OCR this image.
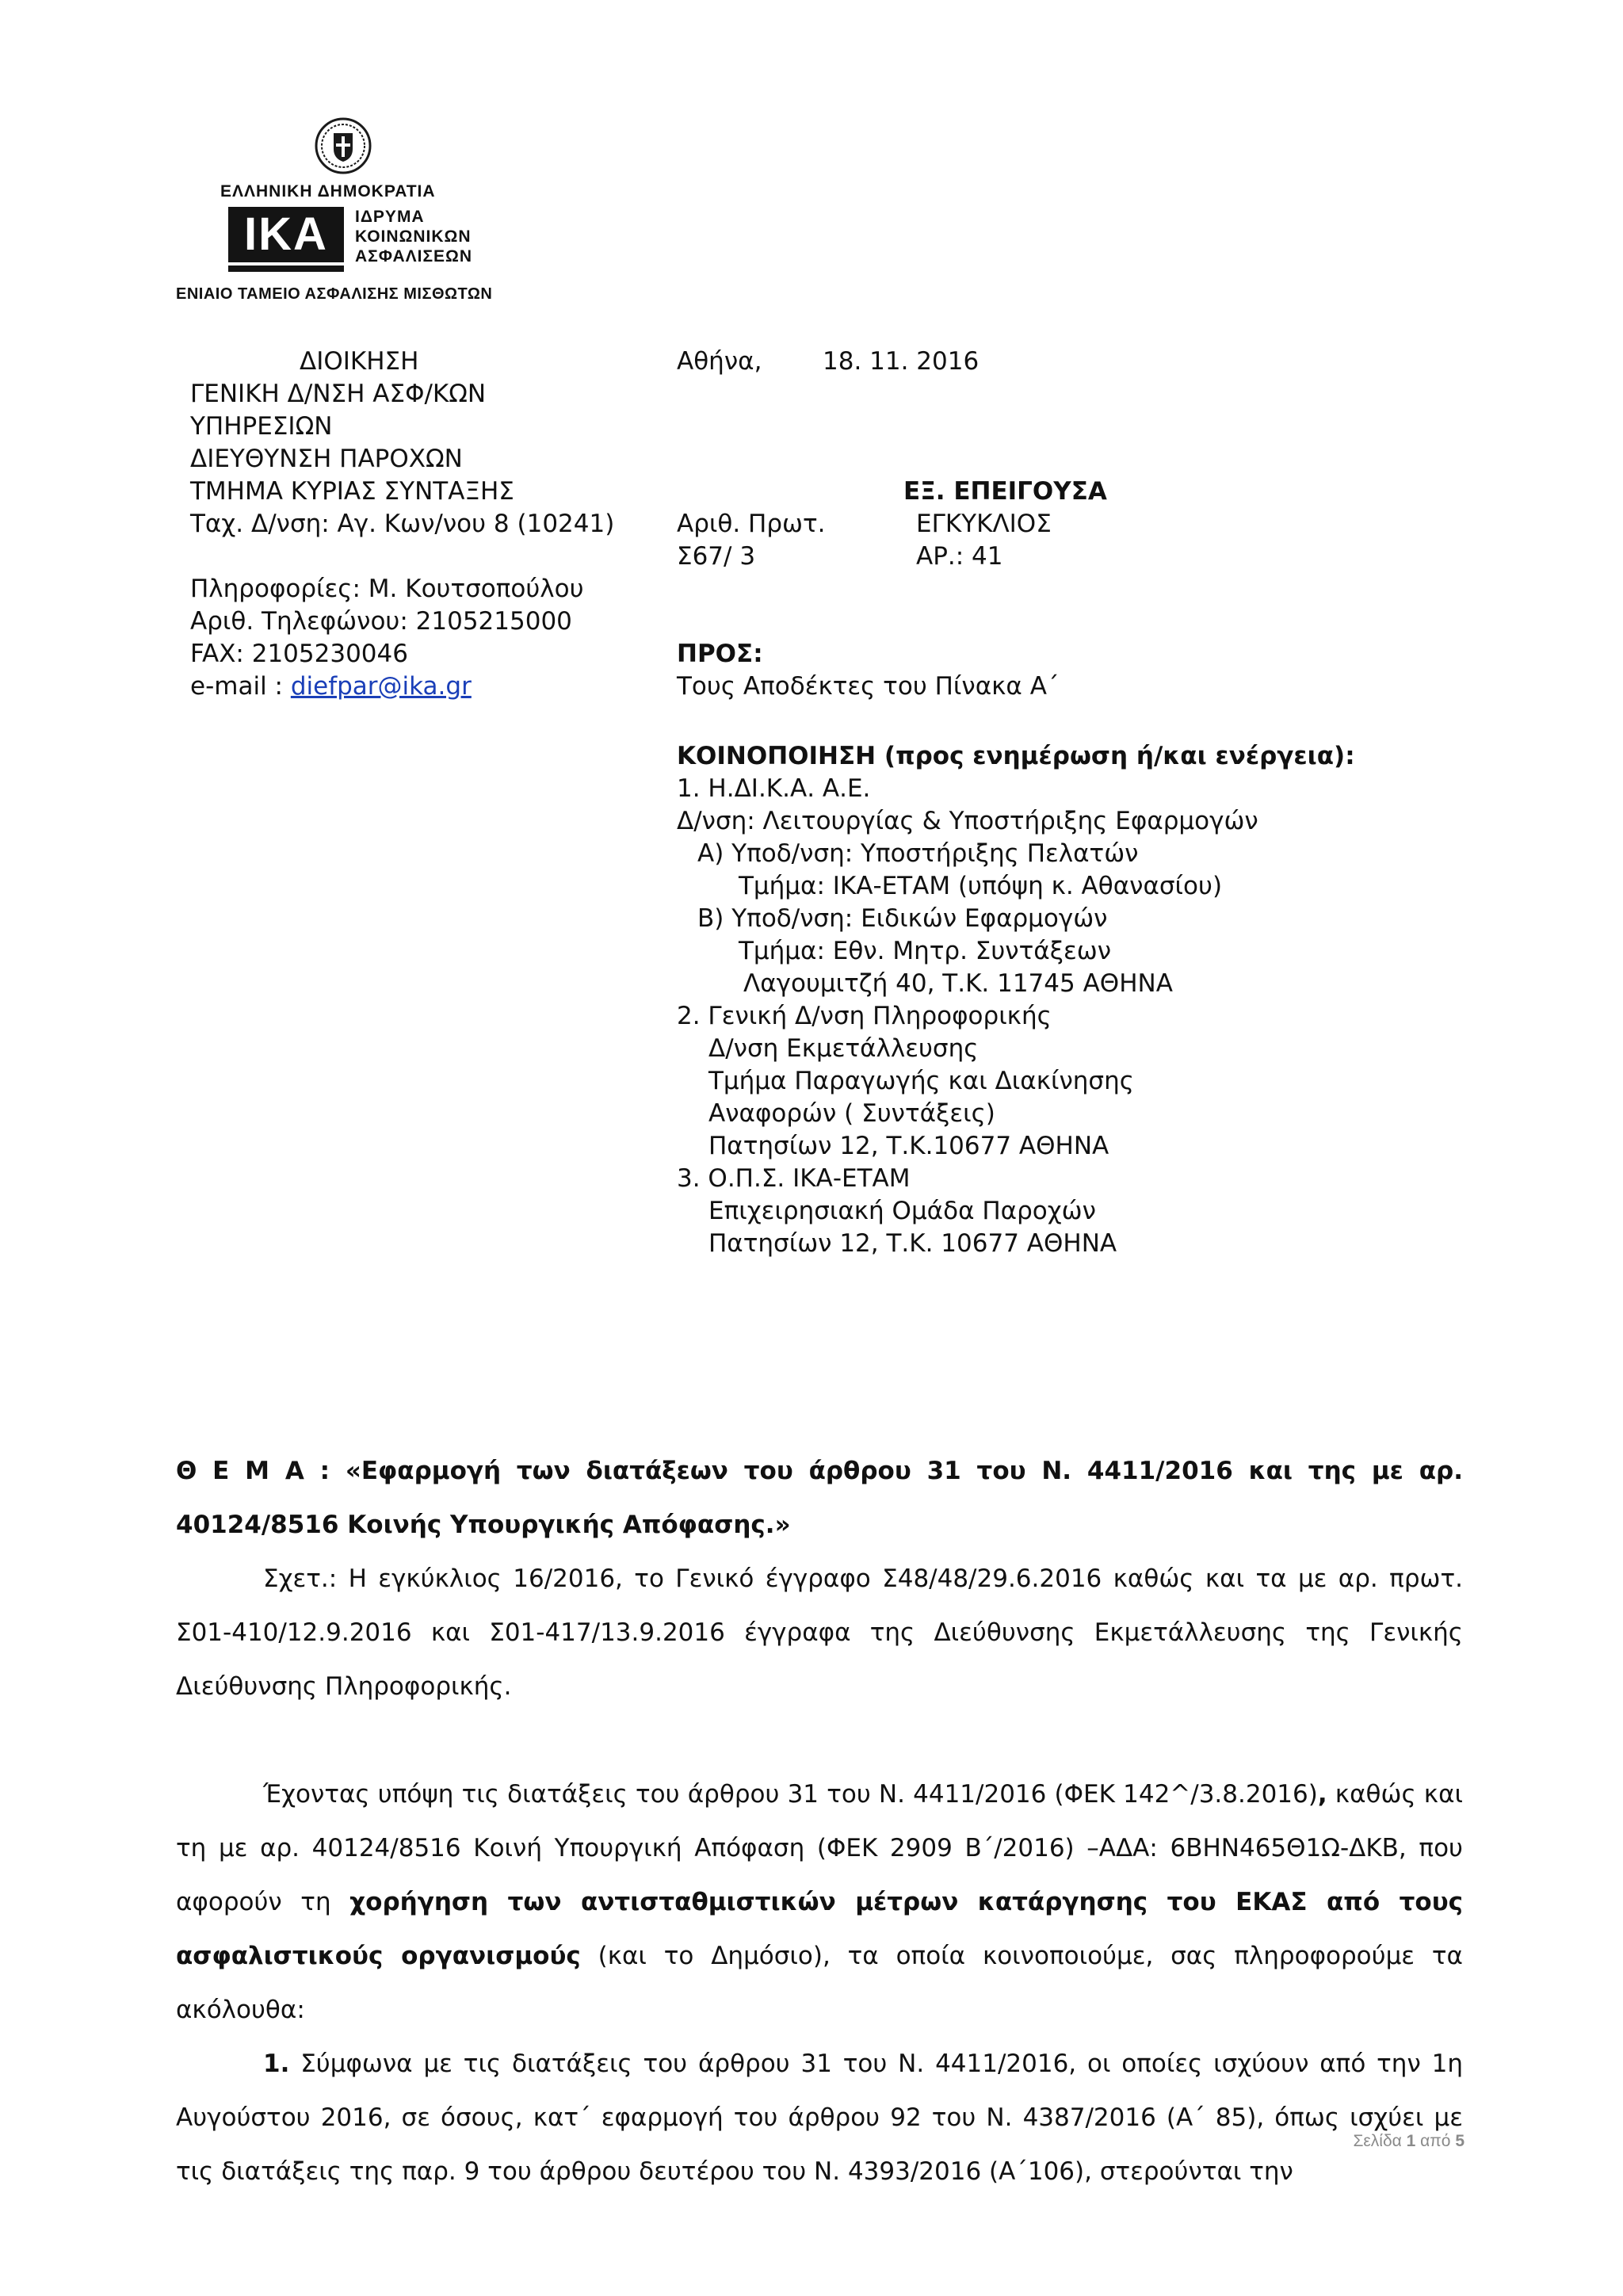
ΕΛΛΗΝΙΚΗ ΔΗΜΟΚΡΑΤΙΑ
IKA	ΙΔΡΥΜΑ
ΚΟΙΝΩΝΙΚΩΝ
ΑΣΦΑΛΙΣΕΩΝ
ΕΝΙΑΙΟ ΤΑΜΕΙΟ ΑΣΦΑΛΙΣΗΣ ΜΙΣΘΩΤΩΝ
ΔΙΟΙΚΗΣΗ
ΓΕΝΙΚΗ Δ/ΝΣΗ ΑΣΦ/ΚΩΝ
ΥΠΗΡΕΣΙΩΝ
ΔΙΕΥΘΥΝΣΗ ΠΑΡΟΧΩΝ
ΤΜΗΜΑ ΚΥΡΙΑΣ ΣΥΝΤΑΞΗΣ
Ταχ. Δ/νση: Αγ. Κων/νου 8 (10241)
Πληροφορίες: Μ. Κουτσοπούλου
Αριθ. Τηλεφώνου: 2105215000
FAX: 2105230046
e-mail : diefpar@ika.gr
Αθήνα, 18. 11. 2016
ΕΞ. ΕΠΕΙΓΟΥΣΑ
Αριθ. Πρωτ.	ΕΓΚΥΚΛΙΟΣ
Σ67/ 3	ΑΡ.: 41
ΠΡΟΣ:
Τους Αποδέκτες του Πίνακα Α΄
ΚΟΙΝΟΠΟΙΗΣΗ (προς ενημέρωση ή/και ενέργεια):
1. Η.ΔΙ.Κ.Α. Α.Ε.
Δ/νση: Λειτουργίας & Υποστήριξης Εφαρμογών
Α) Υποδ/νση: Υποστήριξης Πελατών
Τμήμα: ΙΚΑ-ΕΤΑΜ (υπόψη κ. Αθανασίου)
Β) Υποδ/νση: Ειδικών Εφαρμογών
Τμήμα: Εθν. Μητρ. Συντάξεων
Λαγουμιτζή 40, Τ.Κ. 11745 ΑΘΗΝΑ
2. Γενική Δ/νση Πληροφορικής
Δ/νση Εκμετάλλευσης
Τμήμα Παραγωγής και Διακίνησης
Αναφορών ( Συντάξεις)
Πατησίων 12, Τ.Κ.10677 ΑΘΗΝΑ
3. Ο.Π.Σ. ΙΚΑ-ΕΤΑΜ
Επιχειρησιακή Ομάδα Παροχών
Πατησίων 12, Τ.Κ. 10677 ΑΘΗΝΑ
Θ Ε Μ Α : «Εφαρμογή των διατάξεων του άρθρου 31 του Ν. 4411/2016 και της με αρ. 40124/8516 Κοινής Υπουργικής Απόφασης.»
Σχετ.: Η εγκύκλιος 16/2016, το Γενικό έγγραφο Σ48/48/29.6.2016 καθώς και τα με αρ. πρωτ. Σ01-410/12.9.2016 και Σ01-417/13.9.2016 έγγραφα της Διεύθυνσης Εκμετάλλευσης της Γενικής Διεύθυνσης Πληροφορικής.
Έχοντας υπόψη τις διατάξεις του άρθρου 31 του Ν. 4411/2016 (ΦΕΚ 142^/3.8.2016), καθώς και τη με αρ. 40124/8516 Κοινή Υπουργική Απόφαση (ΦΕΚ 2909 Β΄/2016) –ΑΔΑ: 6ΒΗΝ465Θ1Ω-ΔΚΒ, που αφορούν τη χορήγηση των αντισταθμιστικών μέτρων κατάργησης του ΕΚΑΣ από τους ασφαλιστικούς οργανισμούς (και το Δημόσιο), τα οποία κοινοποιούμε, σας πληροφορούμε τα ακόλουθα:
1. Σύμφωνα με τις διατάξεις του άρθρου 31 του Ν. 4411/2016, οι οποίες ισχύουν από την 1η Αυγούστου 2016, σε όσους, κατ΄ εφαρμογή του άρθρου 92 του Ν. 4387/2016 (Α΄ 85), όπως ισχύει με τις διατάξεις της παρ. 9 του άρθρου δευτέρου του Ν. 4393/2016 (Α΄106), στερούνται την
Σελίδα 1 από 5
